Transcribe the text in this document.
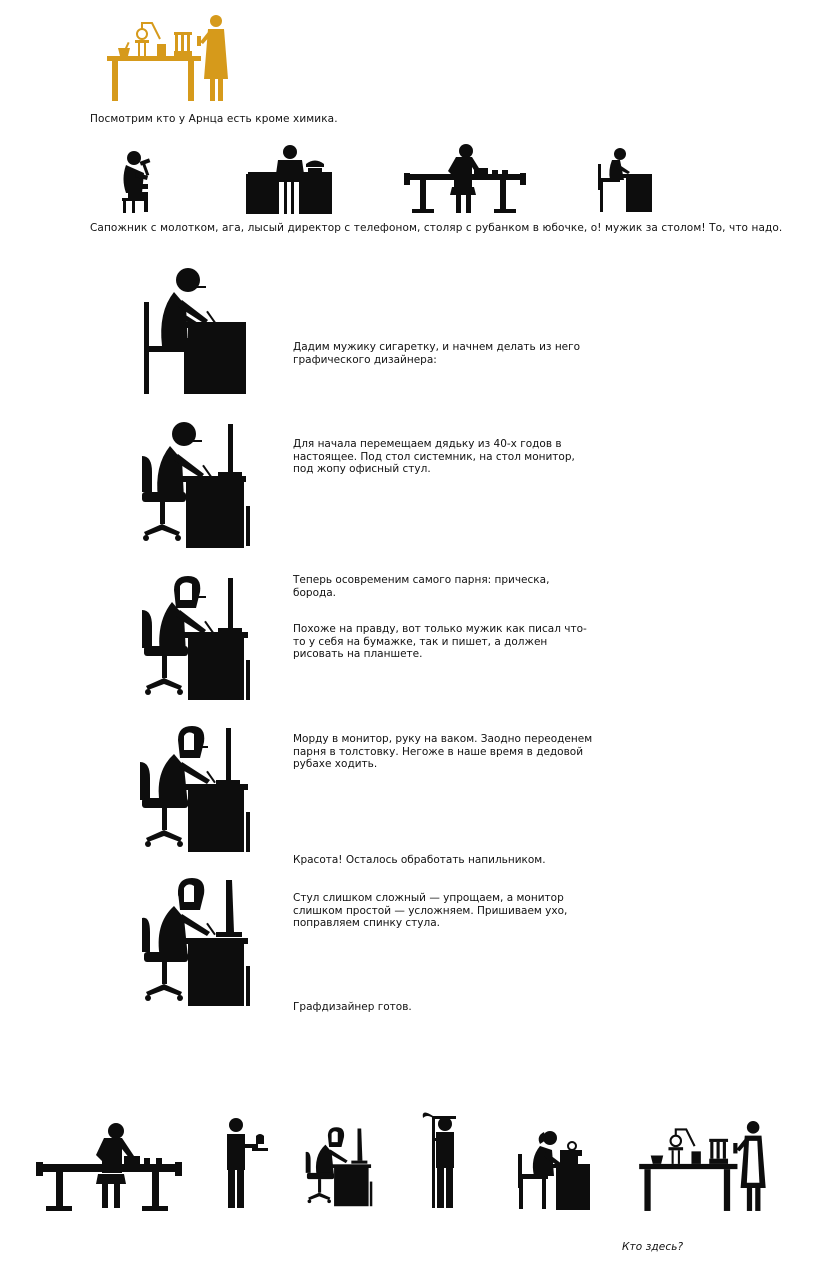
Посмотрим кто у Арнца есть кроме химика.
Сапожник с молотком, ага, лысый директор с телефоном, столяр с рубанком в юбочке, о! мужик за столом! То, что надо.
Дадим мужику сигаретку, и начнем делать из него графического дизайнера:
Для начала перемещаем дядьку из 40-х годов в настоящее. Под стол системник, на стол монитор, под жопу офисный стул.
Теперь осовременим самого парня: прическа, борода.
Похоже на правду, вот только мужик как писал что-то у себя на бумажке, так и пишет, а должен рисовать на планшете.
Морду в монитор, руку на ваком. Заодно переоденем парня в толстовку. Негоже в наше время в дедовой рубахе ходить.
Красота! Осталось обработать напильником.
Стул слишком сложный — упрощаем, а монитор слишком простой — усложняем. Пришиваем ухо, поправляем спинку стула.
Графдизайнер готов.
Кто здесь?
